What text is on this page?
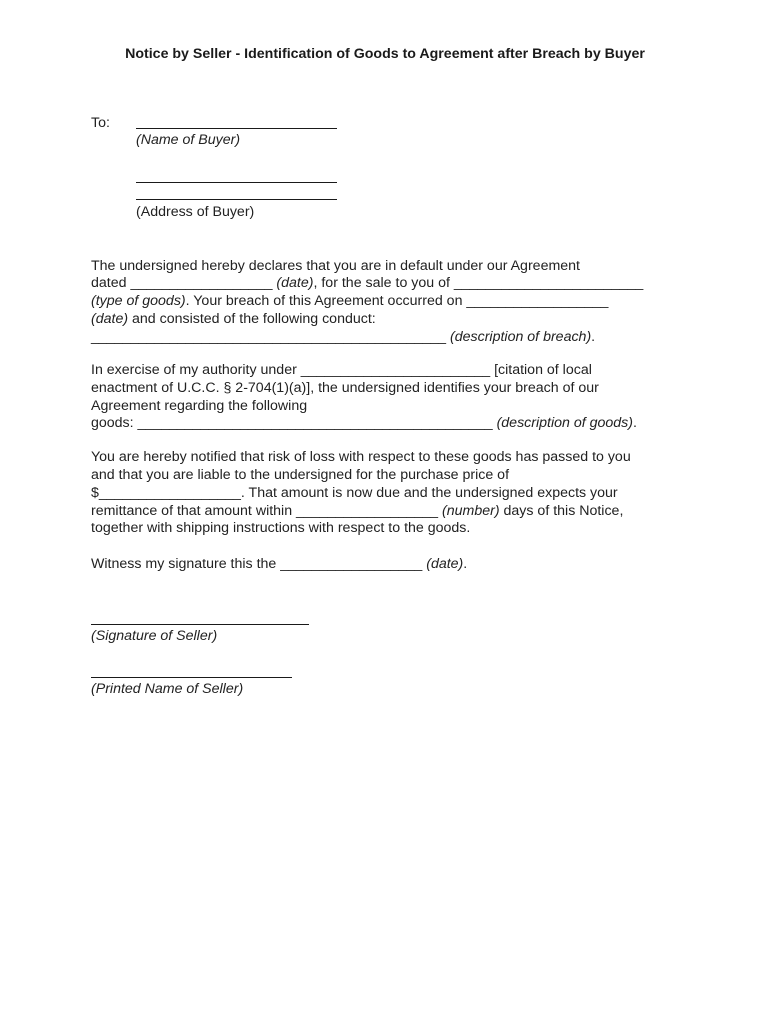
Notice by Seller - Identification of Goods to Agreement after Breach by Buyer
To:
(Name of Buyer)
(Address of Buyer)
The undersigned hereby declares that you are in default under our Agreement
dated __________________ (date), for the sale to you of ________________________
(type of goods). Your breach of this Agreement occurred on __________________
(date) and consisted of the following conduct:
_____________________________________________ (description of breach).
In exercise of my authority under ________________________ [citation of local
enactment of U.C.C. § 2-704(1)(a)], the undersigned identifies your breach of our
Agreement regarding the following
goods: _____________________________________________ (description of goods).
You are hereby notified that risk of loss with respect to these goods has passed to you
and that you are liable to the undersigned for the purchase price of
$__________________. That amount is now due and the undersigned expects your
remittance of that amount within __________________ (number) days of this Notice,
together with shipping instructions with respect to the goods.
Witness my signature this the __________________ (date).
(Signature of Seller)
(Printed Name of Seller)
